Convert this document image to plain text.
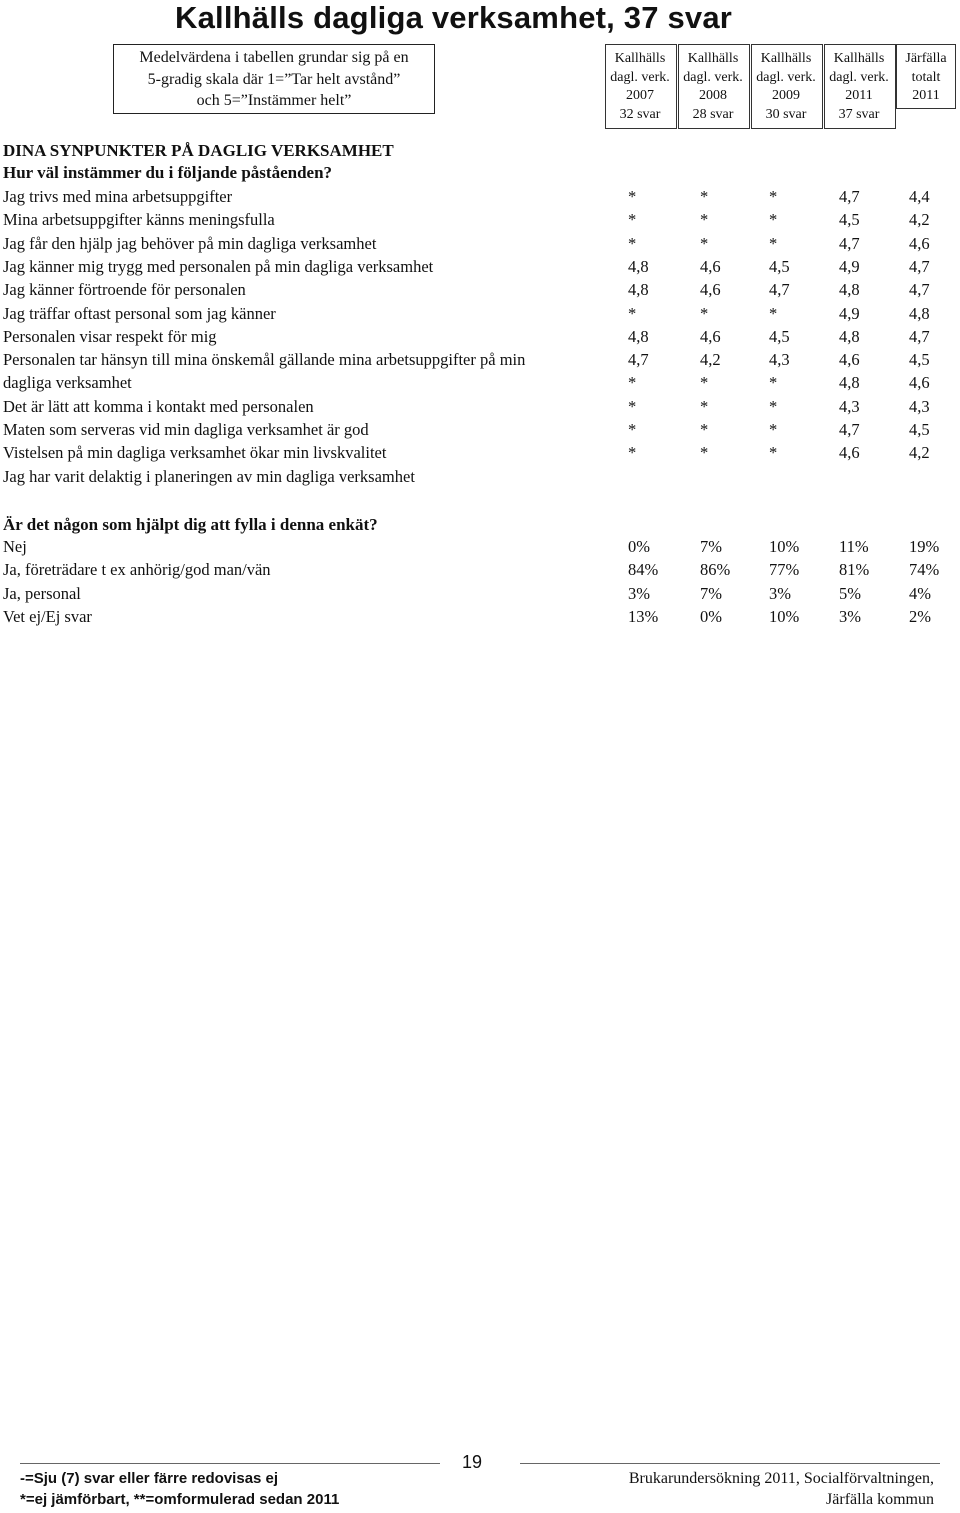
Kallhälls dagliga verksamhet, 37 svar
Medelvärdena i tabellen grundar sig på en
5-gradig skala där 1=”Tar helt avstånd”
och 5=”Instämmer helt”
Kallhälls
dagl. verk.
2007
32 svar
Kallhälls
dagl. verk.
2008
28 svar
Kallhälls
dagl. verk.
2009
30 svar
Kallhälls
dagl. verk.
2011
37 svar
Järfälla
totalt
2011
DINA SYNPUNKTER PÅ DAGLIG VERKSAMHET
Hur väl instämmer du i följande påståenden?
Jag trivs med mina arbetsuppgifter	*	*	*	4,7	4,4
Mina arbetsuppgifter känns meningsfulla	*	*	*	4,5	4,2
Jag får den hjälp jag behöver på min dagliga verksamhet	*	*	*	4,7	4,6
Jag känner mig trygg med personalen på min dagliga verksamhet	4,8	4,6	4,5	4,9	4,7
Jag känner förtroende för personalen	4,8	4,6	4,7	4,8	4,7
Jag träffar oftast personal som jag känner	*	*	*	4,9	4,8
Personalen visar respekt för mig	4,8	4,6	4,5	4,8	4,7
Personalen tar hänsyn till mina önskemål gällande mina arbetsuppgifter på min	4,7	4,2	4,3	4,6	4,5
dagliga verksamhet	*	*	*	4,8	4,6
Det är lätt att komma i kontakt med personalen	*	*	*	4,3	4,3
Maten som serveras vid min dagliga verksamhet är god	*	*	*	4,7	4,5
Vistelsen på min dagliga verksamhet ökar min livskvalitet	*	*	*	4,6	4,2
Jag har varit delaktig i planeringen av min dagliga verksamhet
Är det någon som hjälpt dig att fylla i denna enkät?
Nej	0%	7%	10%	11%	19%
Ja, företrädare t ex anhörig/god man/vän	84%	86%	77%	81%	74%
Ja, personal	3%	7%	3%	5%	4%
Vet ej/Ej svar	13%	0%	10%	3%	2%
19
-=Sju (7) svar eller färre redovisas ej
*=ej jämförbart, **=omformulerad sedan 2011
Brukarundersökning 2011, Socialförvaltningen,
Järfälla kommun
